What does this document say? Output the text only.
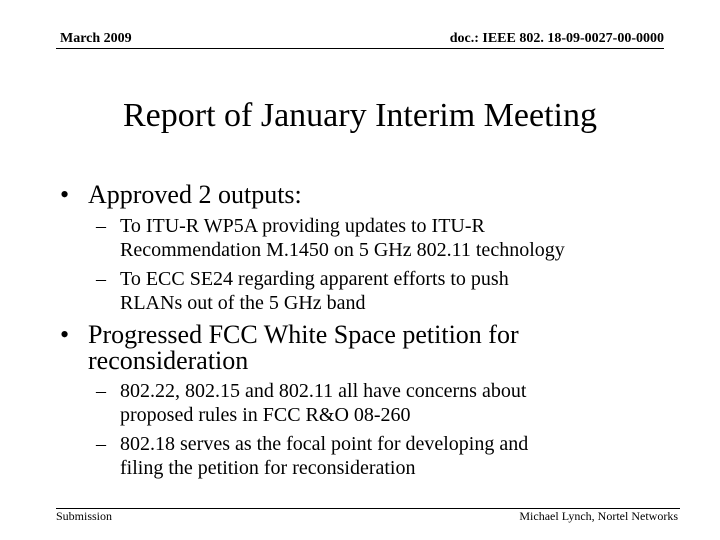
March 2009	doc.: IEEE 802. 18-09-0027-00-0000
Report of January Interim Meeting
• Approved 2 outputs:
– To ITU-R WP5A providing updates to ITU-R
Recommendation M.1450 on 5 GHz 802.11 technology
– To ECC SE24 regarding apparent efforts to push
RLANs out of the 5 GHz band
• Progressed FCC White Space petition for
reconsideration
– 802.22, 802.15 and 802.11 all have concerns about
proposed rules in FCC R&O 08-260
– 802.18 serves as the focal point for developing and
filing the petition for reconsideration
Submission	Michael Lynch, Nortel Networks
